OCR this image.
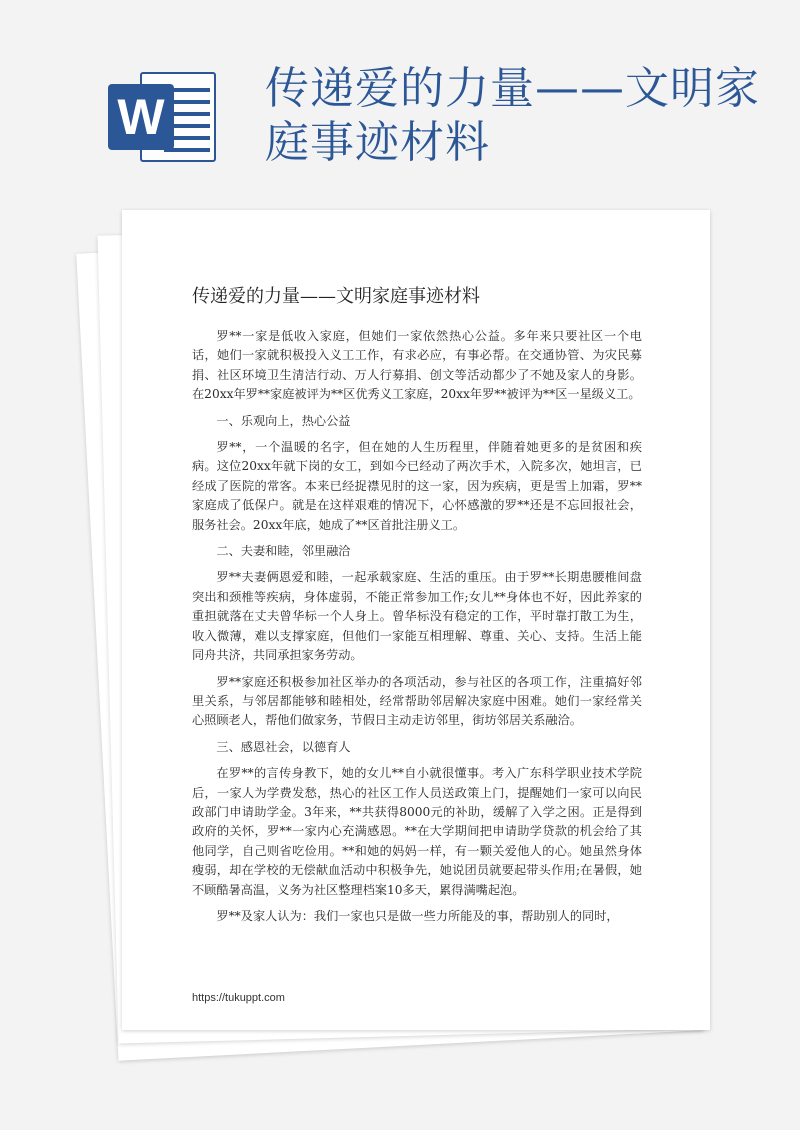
W
传递爱的力量——文明家庭事迹材料
传递爱的力量——文明家庭事迹材料

罗**一家是低收入家庭，但她们一家依然热心公益。多年来只要社区一个电话，她们一家就积极投入义工工作，有求必应，有事必帮。在交通协管、为灾民募捐、社区环境卫生清洁行动、万人行募捐、创文等活动都少了不她及家人的身影。在20xx年罗**家庭被评为**区优秀义工家庭，20xx年罗**被评为**区一星级义工。

一、乐观向上，热心公益

罗**，一个温暖的名字，但在她的人生历程里，伴随着她更多的是贫困和疾病。这位20xx年就下岗的女工，到如今已经动了两次手术，入院多次，她坦言，已经成了医院的常客。本来已经捉襟见肘的这一家，因为疾病，更是雪上加霜，罗**家庭成了低保户。就是在这样艰难的情况下，心怀感激的罗**还是不忘回报社会，服务社会。20xx年底，她成了**区首批注册义工。

二、夫妻和睦，邻里融洽

罗**夫妻俩恩爱和睦，一起承载家庭、生活的重压。由于罗**长期患腰椎间盘突出和颈椎等疾病，身体虚弱，不能正常参加工作;女儿**身体也不好，因此养家的重担就落在丈夫曾华标一个人身上。曾华标没有稳定的工作，平时靠打散工为生，收入微薄，难以支撑家庭，但他们一家能互相理解、尊重、关心、支持。生活上能同舟共济，共同承担家务劳动。

罗**家庭还积极参加社区举办的各项活动，参与社区的各项工作，注重搞好邻里关系，与邻居都能够和睦相处，经常帮助邻居解决家庭中困难。她们一家经常关心照顾老人，帮他们做家务，节假日主动走访邻里，街坊邻居关系融洽。

三、感恩社会，以德育人

在罗**的言传身教下，她的女儿**自小就很懂事。考入广东科学职业技术学院后，一家人为学费发愁，热心的社区工作人员送政策上门，提醒她们一家可以向民政部门申请助学金。3年来，**共获得8000元的补助，缓解了入学之困。正是得到政府的关怀，罗**一家内心充满感恩。**在大学期间把申请助学贷款的机会给了其他同学，自己则省吃俭用。**和她的妈妈一样，有一颗关爱他人的心。她虽然身体瘦弱，却在学校的无偿献血活动中积极争先，她说团员就要起带头作用;在暑假，她不顾酷暑高温，义务为社区整理档案10多天，累得满嘴起泡。

罗**及家人认为：我们一家也只是做一些力所能及的事，帮助别人的同时，

https://tukuppt.com
